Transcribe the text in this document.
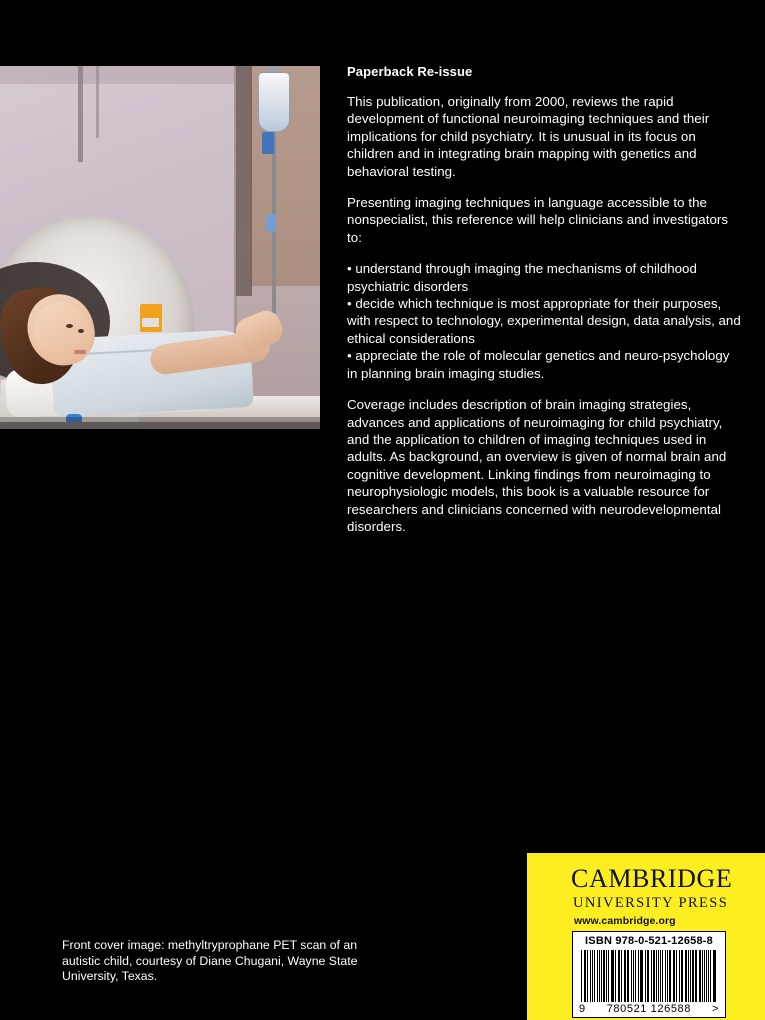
Paperback Re-issue

This publication, originally from 2000, reviews the rapid development of functional neuroimaging techniques and their implications for child psychiatry. It is unusual in its focus on children and in integrating brain mapping with genetics and behavioral testing.

Presenting imaging techniques in language accessible to the nonspecialist, this reference will help clinicians and investigators to:

• understand through imaging the mechanisms of childhood psychiatric disorders
• decide which technique is most appropriate for their purposes, with respect to technology, experimental design, data analysis, and ethical considerations
• appreciate the role of molecular genetics and neuro-psychology in planning brain imaging studies.

Coverage includes description of brain imaging strategies, advances and applications of neuroimaging for child psychiatry, and the application to children of imaging techniques used in adults. As background, an overview is given of normal brain and cognitive development. Linking findings from neuroimaging to neurophysiologic models, this book is a valuable resource for researchers and clinicians concerned with neurodevelopmental disorders.

Front cover image: methyltryprophane PET scan of an autistic child, courtesy of Diane Chugani, Wayne State University, Texas.
CAMBRIDGE
UNIVERSITY PRESS
www.cambridge.org
ISBN 978-0-521-12658-8
9 780521 126588 >
